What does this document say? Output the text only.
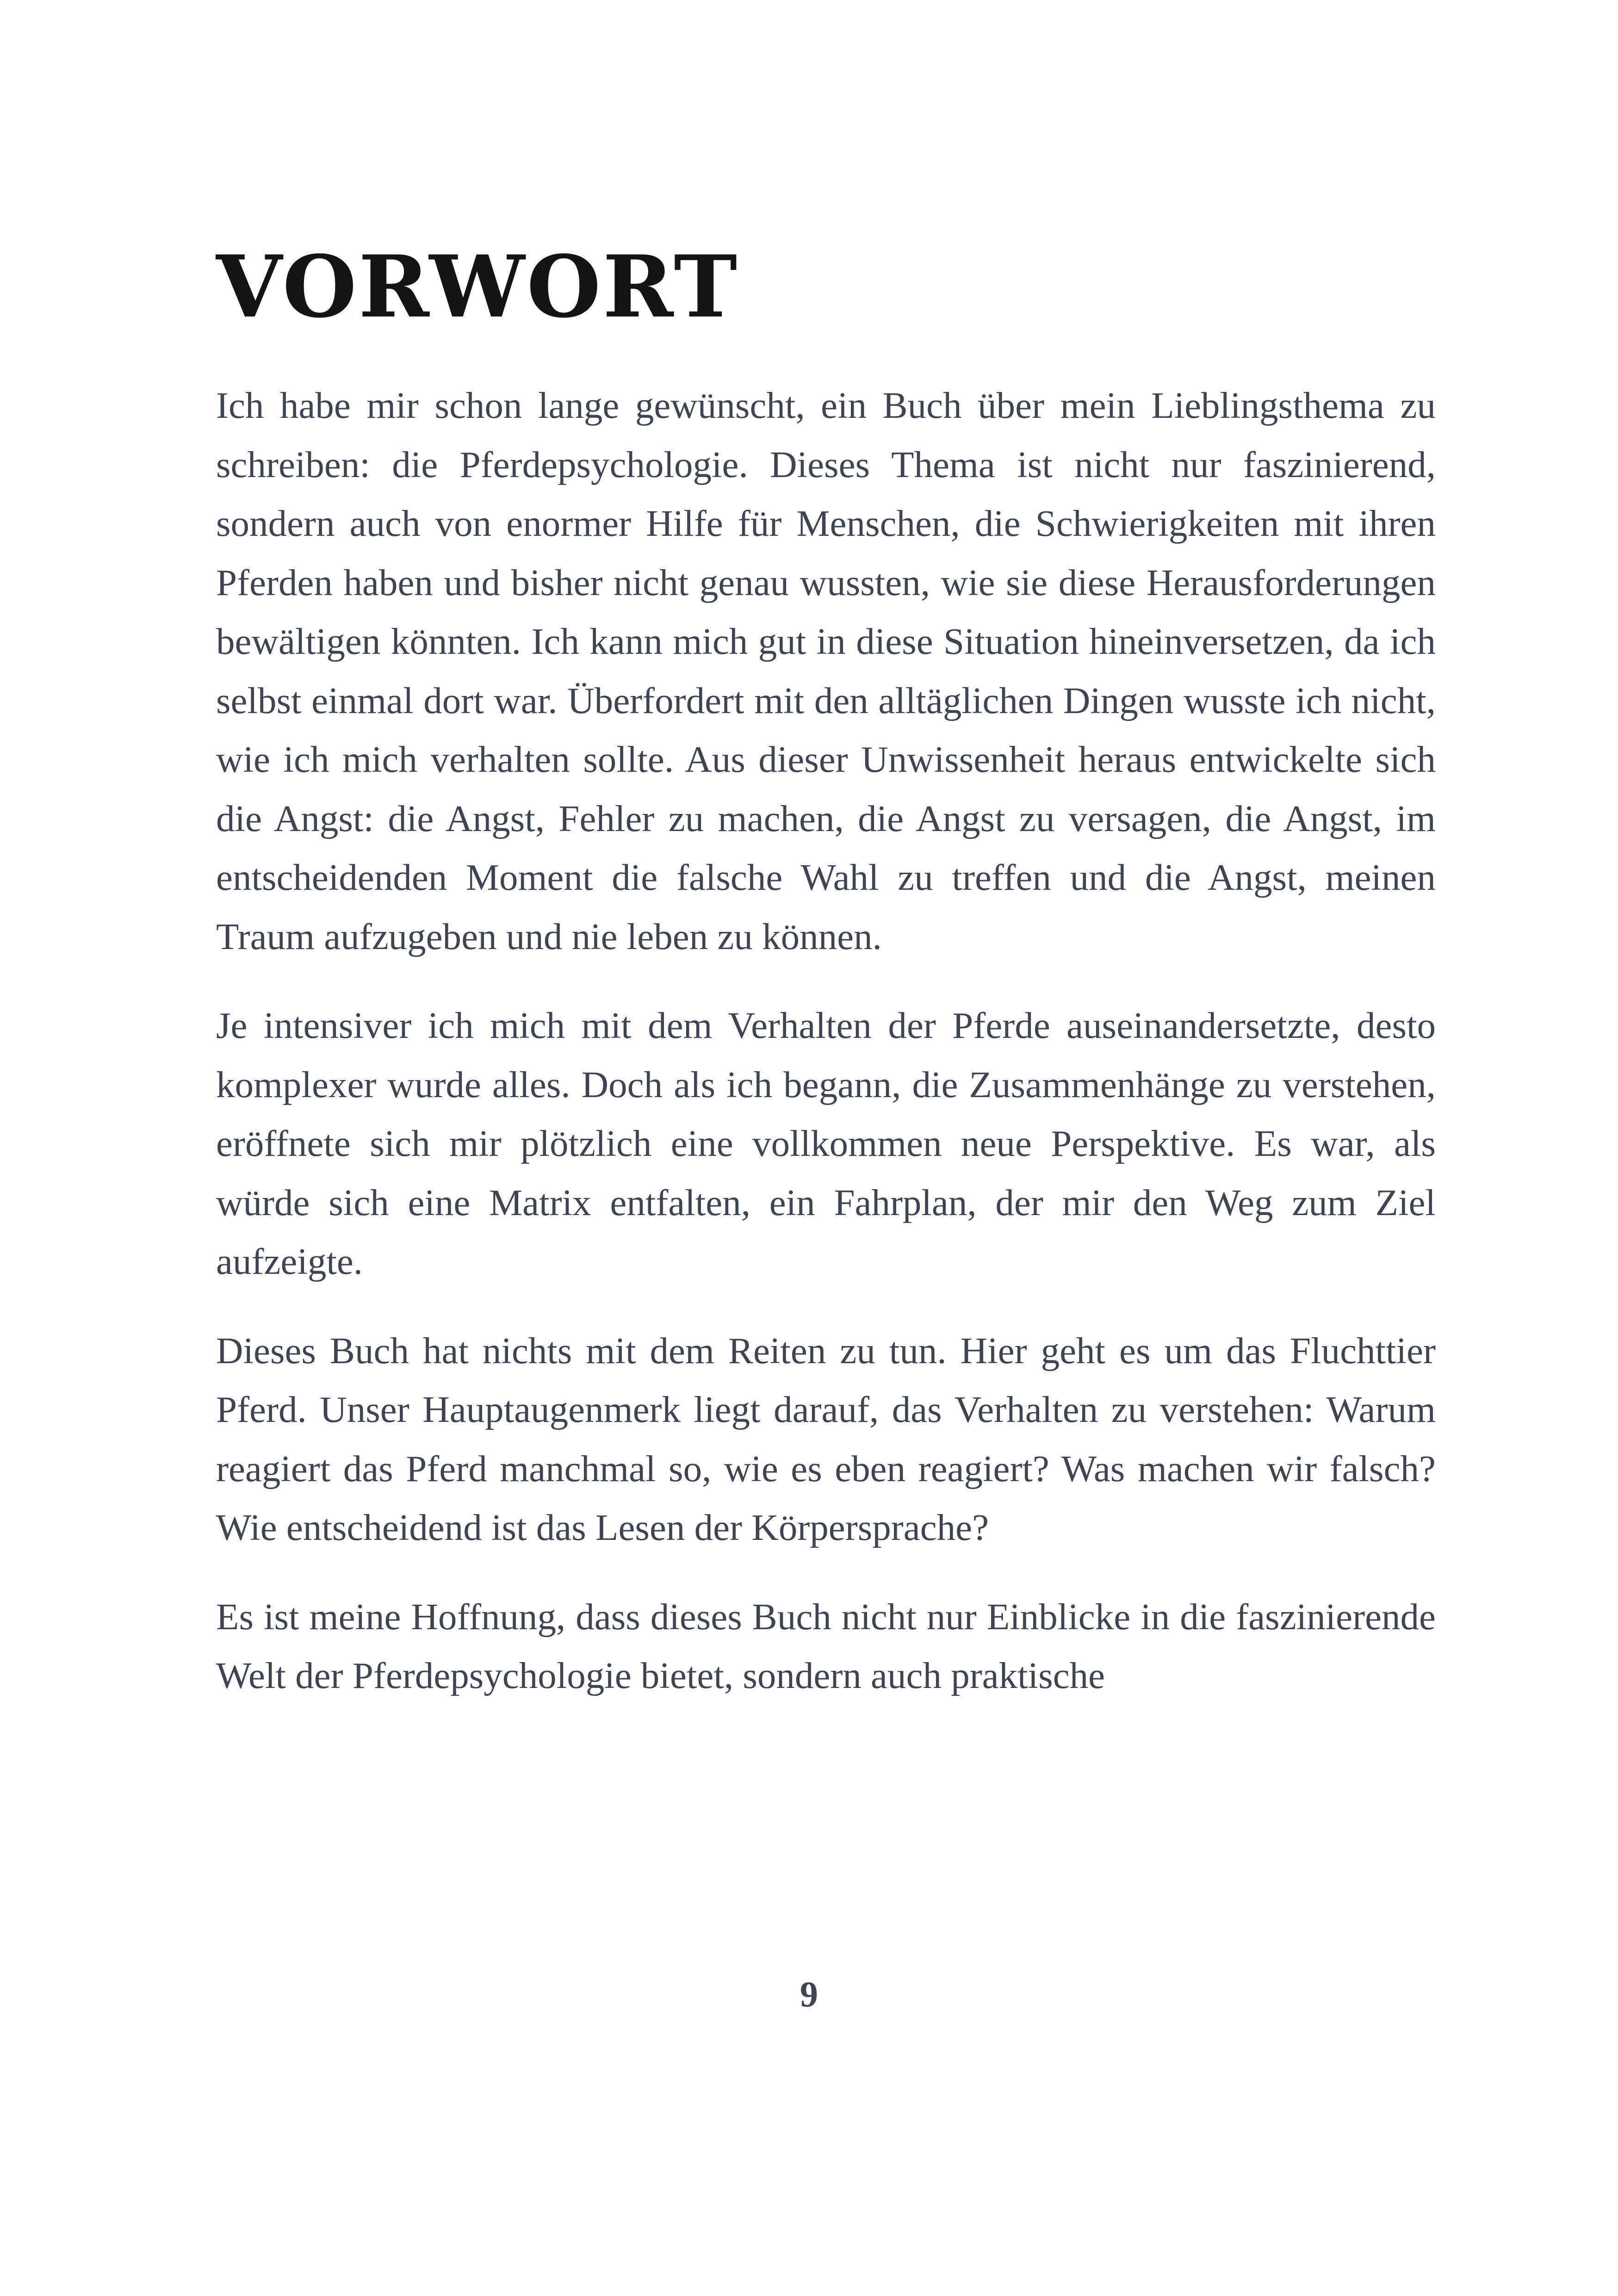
VORWORT

Ich habe mir schon lange gewünscht, ein Buch über mein Lieblingsthema zu schreiben: die Pferdepsychologie. Dieses Thema ist nicht nur faszinierend, sondern auch von enormer Hilfe für Menschen, die Schwierigkeiten mit ihren Pferden haben und bisher nicht genau wussten, wie sie diese Herausforderungen bewältigen könnten. Ich kann mich gut in diese Situation hineinversetzen, da ich selbst einmal dort war. Überfordert mit den alltäglichen Dingen wusste ich nicht, wie ich mich verhalten sollte. Aus dieser Unwissenheit heraus entwickelte sich die Angst: die Angst, Fehler zu machen, die Angst zu versagen, die Angst, im entscheidenden Moment die falsche Wahl zu treffen und die Angst, meinen Traum aufzugeben und nie leben zu können.

Je intensiver ich mich mit dem Verhalten der Pferde auseinandersetzte, desto komplexer wurde alles. Doch als ich begann, die Zusammenhänge zu verstehen, eröffnete sich mir plötzlich eine vollkommen neue Perspektive. Es war, als würde sich eine Matrix entfalten, ein Fahrplan, der mir den Weg zum Ziel aufzeigte.

Dieses Buch hat nichts mit dem Reiten zu tun. Hier geht es um das Fluchttier Pferd. Unser Hauptaugenmerk liegt darauf, das Verhalten zu verstehen: Warum reagiert das Pferd manchmal so, wie es eben reagiert? Was machen wir falsch? Wie entscheidend ist das Lesen der Körpersprache?

Es ist meine Hoffnung, dass dieses Buch nicht nur Einblicke in die faszinierende Welt der Pferdepsychologie bietet, sondern auch praktische

9
